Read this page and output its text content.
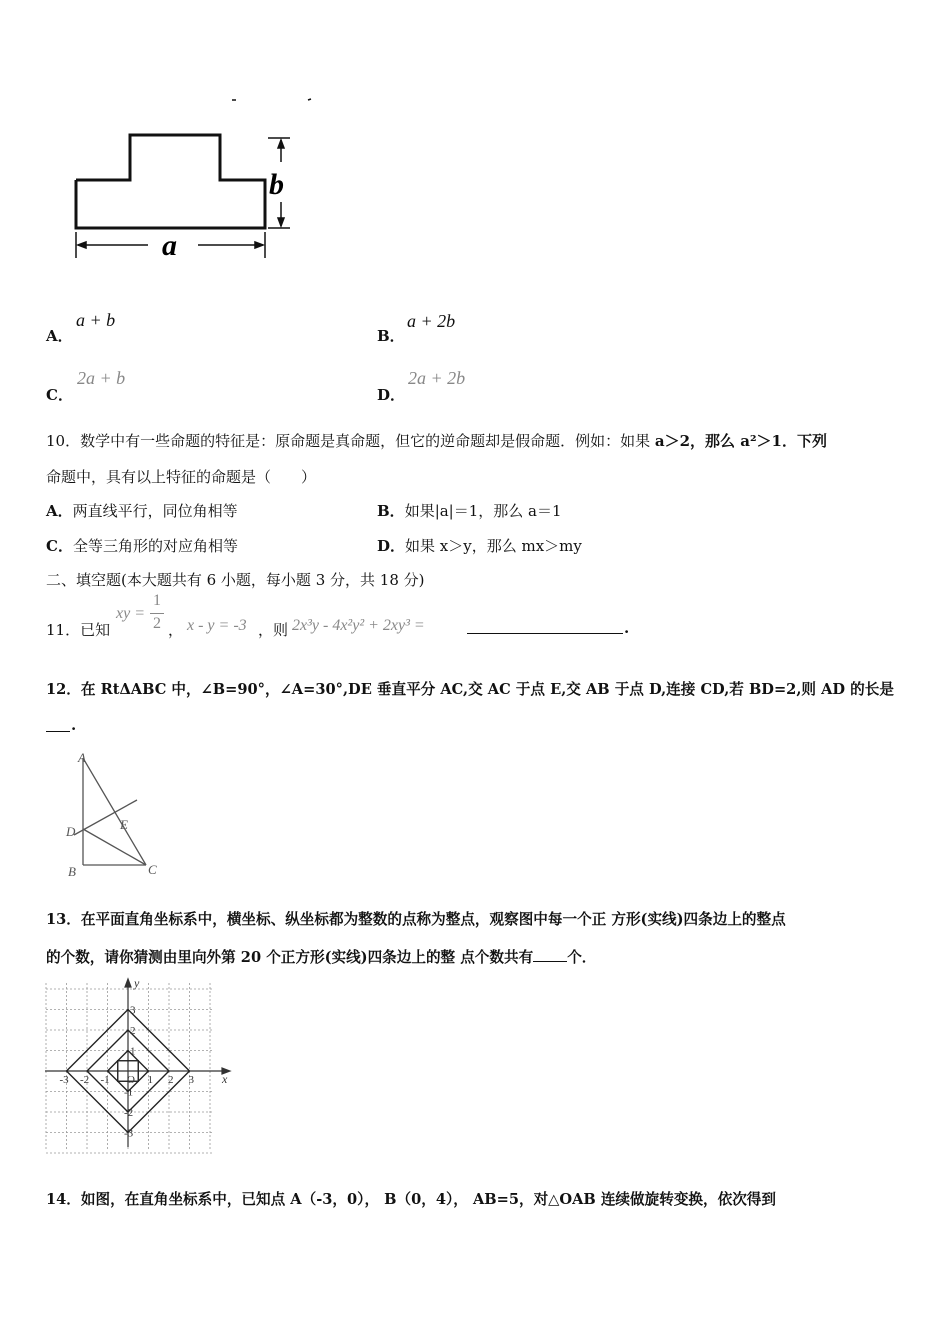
a
b
A．
a + b
B．
a + 2b
C．
2a + b
D．
2a + 2b
10．数学中有一些命题的特征是：原命题是真命题，但它的逆命题却是假命题．例如：如果 a＞2，那么 a²＞1．下列
命题中，具有以上特征的命题是（　　）
A．两直线平行，同位角相等	B．如果|a|＝1，那么 a＝1
C．全等三角形的对应角相等	D．如果 x＞y，那么 mx＞my
二、填空题(本大题共有 6 小题，每小题 3 分，共 18 分)
11．已知
xy =
1
2 ， x - y = -3 ，则 2x³y - 4x²y² + 2xy³ =	.
12．在 RtΔABC 中，∠B=90°，∠A=30°,DE 垂直平分 AC,交 AC 于点 E,交 AB 于点 D,连接 CD,若 BD=2,则 AD 的长是
.
A
D	E
B	C
13．在平面直角坐标系中，横坐标、纵坐标都为整数的点称为整点，观察图中每一个正 方形(实线)四条边上的整点
的个数，请你猜测由里向外第 20 个正方形(实线)四条边上的整 点个数共有 个．
x
y
-3 -2 -1 O 1 2 3
3
2
1
-1
-2
-3
14．如图，在直角坐标系中，已知点 A（-3，0）， B（0，4）， AB=5，对△OAB 连续做旋转变换，依次得到
